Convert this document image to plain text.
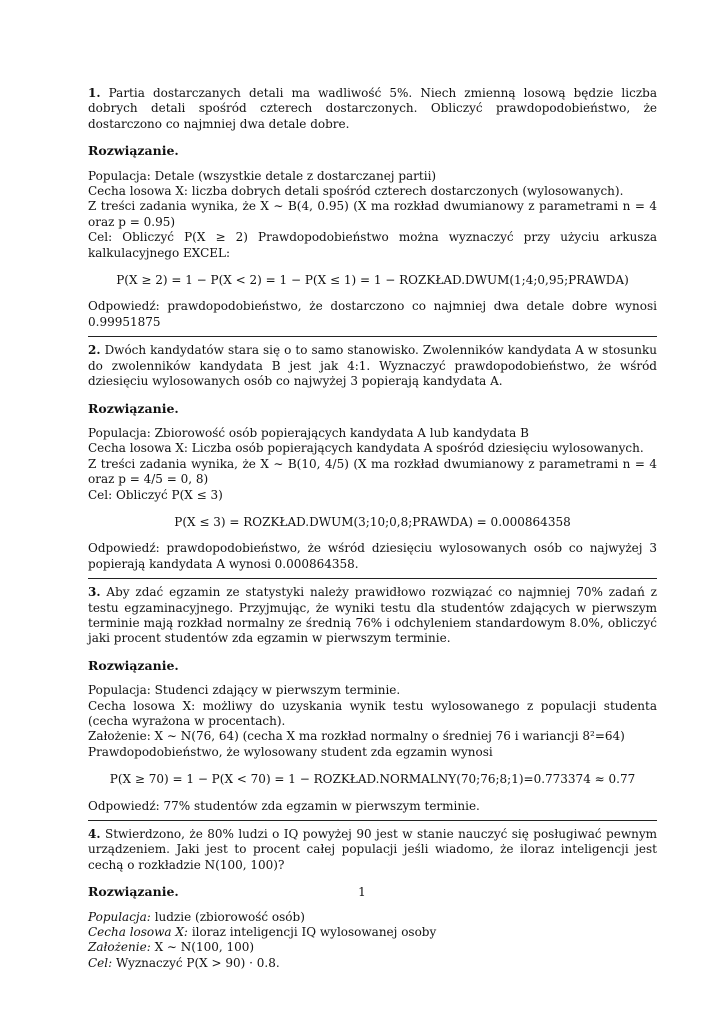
1. Partia dostarczanych detali ma wadliwość 5%. Niech zmienną losową będzie liczba dobrych detali spośród czterech dostarczonych. Obliczyć prawdopodobieństwo, że dostarczono co najmniej dwa detale dobre.

Rozwiązanie.

Populacja: Detale (wszystkie detale z dostarczanej partii)

Cecha losowa X: liczba dobrych detali spośród czterech dostarczonych (wylosowanych).

Z treści zadania wynika, że X ∼ B(4, 0.95) (X ma rozkład dwumianowy z parametrami n = 4 oraz p = 0.95)

Cel: Obliczyć P(X ≥ 2) Prawdopodobieństwo można wyznaczyć przy użyciu arkusza kalkulacyjnego EXCEL:

P(X ≥ 2) = 1 − P(X < 2) = 1 − P(X ≤ 1) = 1 − ROZKŁAD.DWUM(1;4;0,95;PRAWDA)

Odpowiedź: prawdopodobieństwo, że dostarczono co najmniej dwa detale dobre wynosi 0.99951875

2. Dwóch kandydatów stara się o to samo stanowisko. Zwolenników kandydata A w stosunku do zwolenników kandydata B jest jak 4:1. Wyznaczyć prawdopodobieństwo, że wśród dziesięciu wylosowanych osób co najwyżej 3 popierają kandydata A.

Rozwiązanie.

Populacja: Zbiorowość osób popierających kandydata A lub kandydata B

Cecha losowa X: Liczba osób popierających kandydata A spośród dziesięciu wylosowanych.

Z treści zadania wynika, że X ∼ B(10, 4/5) (X ma rozkład dwumianowy z parametrami n = 4 oraz p = 4/5 = 0, 8)

Cel: Obliczyć P(X ≤ 3)

P(X ≤ 3) = ROZKŁAD.DWUM(3;10;0,8;PRAWDA) = 0.000864358

Odpowiedź: prawdopodobieństwo, że wśród dziesięciu wylosowanych osób co najwyżej 3 popierają kandydata A wynosi 0.000864358.

3. Aby zdać egzamin ze statystyki należy prawidłowo rozwiązać co najmniej 70% zadań z testu egzaminacyjnego. Przyjmując, że wyniki testu dla studentów zdających w pierwszym terminie mają rozkład normalny ze średnią 76% i odchyleniem standardowym 8.0%, obliczyć jaki procent studentów zda egzamin w pierwszym terminie.

Rozwiązanie.

Populacja: Studenci zdający w pierwszym terminie.

Cecha losowa X: możliwy do uzyskania wynik testu wylosowanego z populacji studenta (cecha wyrażona w procentach).

Założenie: X ∼ N(76, 64) (cecha X ma rozkład normalny o średniej 76 i wariancji 8²=64)

Prawdopodobieństwo, że wylosowany student zda egzamin wynosi

P(X ≥ 70) = 1 − P(X < 70) = 1 − ROZKŁAD.NORMALNY(70;76;8;1)=0.773374 ≈ 0.77

Odpowiedź: 77% studentów zda egzamin w pierwszym terminie.

4. Stwierdzono, że 80% ludzi o IQ powyżej 90 jest w stanie nauczyć się posługiwać pewnym urządzeniem. Jaki jest to procent całej populacji jeśli wiadomo, że iloraz inteligencji jest cechą o rozkładzie N(100, 100)?

Rozwiązanie.

Populacja: ludzie (zbiorowość osób)

Cecha losowa X: iloraz inteligencji IQ wylosowanej osoby

Założenie: X ∼ N(100, 100)

Cel: Wyznaczyć P(X > 90) · 0.8.

1
